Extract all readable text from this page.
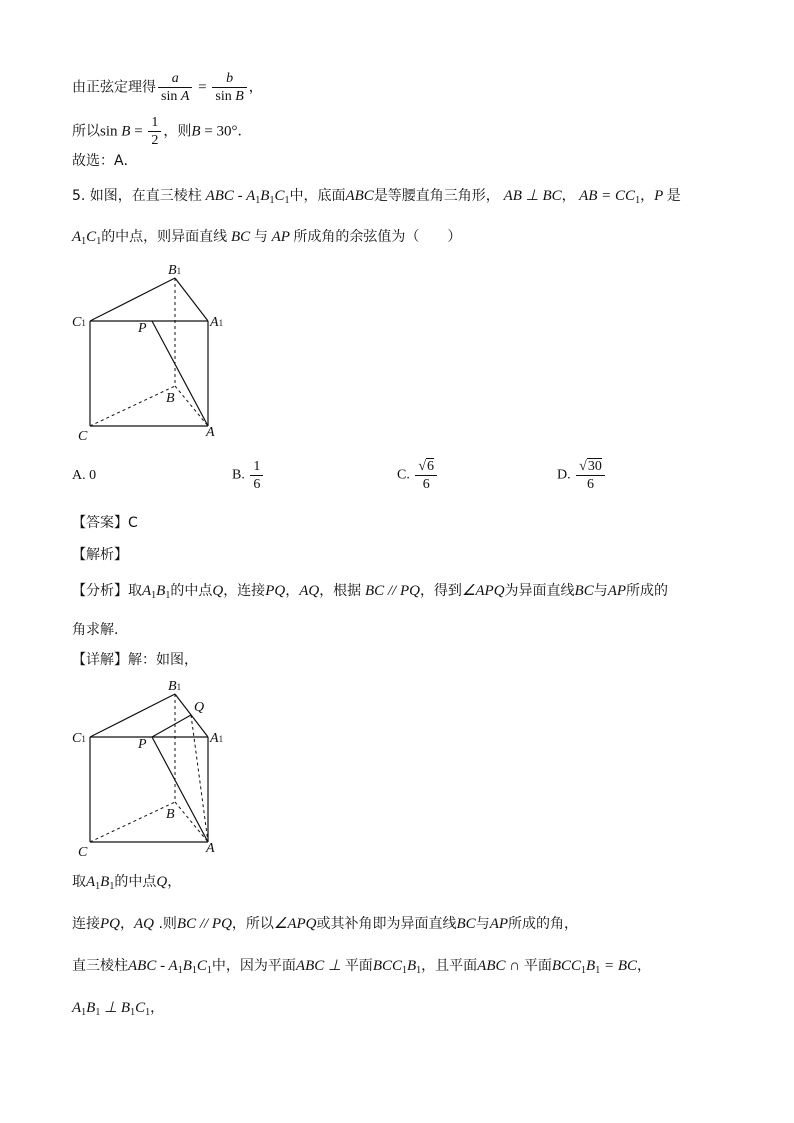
由正弦定理得 $\frac{a}{\text{sin A}} = \frac{b}{\text{sin B}}$ ，
所以$\sin B = \frac{1}{2}$ ，则B = 30°．
故选：A．
5. 如图，在直三棱柱 ABC - $A_1B_1C_1$中，底面ABC是等腰直角三角形， AB ⊥ BC， AB = $CC_1$，P 是
$A_1C_1$的中点，则异面直线 BC 与 AP 所成角的余弦值为（　　）
B1
C1	A1
P
B
C	A
A. 0	B. $\frac{1}{6}$	C. $\frac{√6}{6}$	D. $\frac{√30}{6}$
【答案】C
【解析】
【分析】取$A_1B_1$的中点Q，连接PQ，AQ，根据 BC // PQ，得到∠APQ为异面直线BC与AP所成的
角求解.
【详解】解：如图，
B1
Q
C1	A1
P
B
C	A
取$A_1B_1$的中点Q，
连接PQ，AQ .则BC // PQ，所以∠APQ或其补角即为异面直线BC与AP所成的角，
直三棱柱ABC - $A_1B_1C_1$中，因为平面ABC ⊥ 平面$BCC_1B_1$，且平面ABC ∩ 平面$BCC_1B_1$ = BC，
$A_1B_1$ ⊥ $B_1C_1$，
